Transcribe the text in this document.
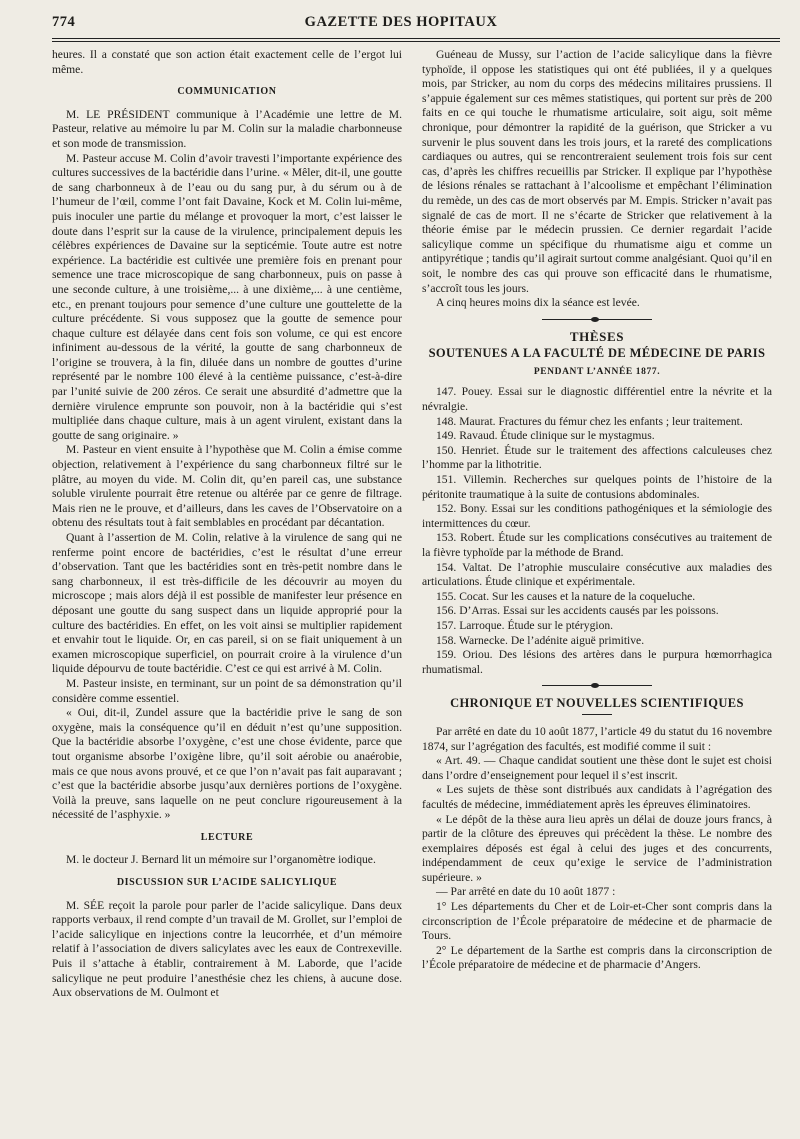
774	GAZETTE DES HOPITAUX

heures. Il a constaté que son action était exactement celle de l’ergot lui même.

COMMUNICATION

M. LE PRÉSIDENT communique à l’Académie une lettre de M. Pasteur, relative au mémoire lu par M. Colin sur la maladie charbonneuse et son mode de transmission.

M. Pasteur accuse M. Colin d’avoir travesti l’importante expérience des cultures successives de la bactéridie dans l’urine. « Mêler, dit-il, une goutte de sang charbonneux à de l’eau ou du sang pur, à du sérum ou à de l’humeur de l’œil, comme l’ont fait Davaine, Kock et M. Colin lui-même, puis inoculer une partie du mélange et provoquer la mort, c’est laisser le doute dans l’esprit sur la cause de la virulence, principalement depuis les célèbres expériences de Davaine sur la septicémie. Toute autre est notre expérience. La bactéridie est cultivée une première fois en prenant pour semence une trace microscopique de sang charbonneux, puis on passe à une seconde culture, à une troisième,... à une dixième,... à une centième, etc., en prenant toujours pour semence d’une culture une gouttelette de la culture précédente. Si vous supposez que la goutte de semence pour chaque culture est délayée dans cent fois son volume, ce qui est encore infiniment au-dessous de la vérité, la goutte de sang charbonneux de l’origine se trouvera, à la fin, diluée dans un nombre de gouttes d’urine représenté par le nombre 100 élevé à la centième puissance, c’est-à-dire par l’unité suivie de 200 zéros. Ce serait une absurdité d’admettre que la dernière virulence emprunte son pouvoir, non à la bactéridie qui s’est multipliée dans chaque culture, mais à un agent virulent, existant dans la goutte de sang originaire. »

M. Pasteur en vient ensuite à l’hypothèse que M. Colin a émise comme objection, relativement à l’expérience du sang charbonneux filtré sur le plâtre, au moyen du vide. M. Colin dit, qu’en pareil cas, une substance soluble virulente pourrait être retenue ou altérée par ce genre de filtrage. Mais rien ne le prouve, et d’ailleurs, dans les caves de l’Observatoire on a obtenu des résultats tout à fait semblables en procédant par décantation.

Quant à l’assertion de M. Colin, relative à la virulence de sang qui ne renferme point encore de bactéridies, c’est le résultat d’une erreur d’observation. Tant que les bactéridies sont en très-petit nombre dans le sang charbonneux, il est très-difficile de les découvrir au moyen du microscope ; mais alors déjà il est possible de manifester leur présence en déposant une goutte du sang suspect dans un liquide approprié pour la culture des bactéridies. En effet, on les voit ainsi se multiplier rapidement et envahir tout le liquide. Or, en cas pareil, si on se fiait uniquement à un examen microscopique superficiel, on pourrait croire à la virulence d’un liquide dépourvu de toute bactéridie. C’est ce qui est arrivé à M. Colin.

M. Pasteur insiste, en terminant, sur un point de sa démonstration qu’il considère comme essentiel.

« Oui, dit-il, Zundel assure que la bactéridie prive le sang de son oxygène, mais la conséquence qu’il en déduit n’est qu’une supposition. Que la bactéridie absorbe l’oxygène, c’est une chose évidente, parce que tout organisme absorbe l’oxigène libre, qu’il soit aérobie ou anaérobie, mais ce que nous avons prouvé, et ce que l’on n’avait pas fait auparavant ; c’est que la bactéridie absorbe jusqu’aux dernières portions de l’oxygène. Voilà la preuve, sans laquelle on ne peut conclure rigoureusement à la nécessité de l’asphyxie. »

LECTURE

M. le docteur J. Bernard lit un mémoire sur l’organomètre iodique.

DISCUSSION SUR L’ACIDE SALICYLIQUE

M. SÉE reçoit la parole pour parler de l’acide salicylique. Dans deux rapports verbaux, il rend compte d’un travail de M. Grollet, sur l’emploi de l’acide salicylique en injections contre la leucorrhée, et d’un mémoire relatif à l’association de divers salicylates avec les eaux de Contrexeville. Puis il s’attache à établir, contrairement à M. Laborde, que l’acide salicylique ne peut produire l’anesthésie chez les chiens, à aucune dose. Aux observations de M. Oulmont et

Guéneau de Mussy, sur l’action de l’acide salicylique dans la fièvre typhoïde, il oppose les statistiques qui ont été publiées, il y a quelques mois, par Stricker, au nom du corps des médecins militaires prussiens. Il s’appuie également sur ces mêmes statistiques, qui portent sur près de 200 faits en ce qui touche le rhumatisme articulaire, soit aigu, soit même chronique, pour démontrer la rapidité de la guérison, que Stricker a vu survenir le plus souvent dans les trois jours, et la rareté des complications cardiaques ou autres, qui se rencontreraient seulement trois fois sur cent cas, d’après les chiffres recueillis par Stricker. Il explique par l’hypothèse de lésions rénales se rattachant à l’alcoolisme et empêchant l’élimination du remède, un des cas de mort observés par M. Empis. Stricker n’avait pas signalé de cas de mort. Il ne s’écarte de Stricker que relativement à la théorie émise par le médecin prussien. Ce dernier regardait l’acide salicylique comme un spécifique du rhumatisme aigu et comme un antipyrétique ; tandis qu’il agirait surtout comme analgésiant. Quoi qu’il en soit, le nombre des cas qui prouve son efficacité dans le rhumatisme, s’accroît tous les jours.

A cinq heures moins dix la séance est levée.

THÈSES
SOUTENUES A LA FACULTÉ DE MÉDECINE DE PARIS
PENDANT L’ANNÉE 1877.

147. Pouey. Essai sur le diagnostic différentiel entre la névrite et la névralgie.

148. Maurat. Fractures du fémur chez les enfants ; leur traitement.

149. Ravaud. Étude clinique sur le mystagmus.

150. Henriet. Étude sur le traitement des affections calculeuses chez l’homme par la lithotritie.

151. Villemin. Recherches sur quelques points de l’histoire de la péritonite traumatique à la suite de contusions abdominales.

152. Bony. Essai sur les conditions pathogéniques et la sémiologie des intermittences du cœur.

153. Robert. Étude sur les complications consécutives au traitement de la fièvre typhoïde par la méthode de Brand.

154. Valtat. De l’atrophie musculaire consécutive aux maladies des articulations. Étude clinique et expérimentale.

155. Cocat. Sur les causes et la nature de la coqueluche.

156. D’Arras. Essai sur les accidents causés par les poissons.

157. Larroque. Étude sur le ptérygion.

158. Warnecke. De l’adénite aiguë primitive.

159. Oriou. Des lésions des artères dans le purpura hœmorrhagica rhumatismal.

CHRONIQUE ET NOUVELLES SCIENTIFIQUES

Par arrêté en date du 10 août 1877, l’article 49 du statut du 16 novembre 1874, sur l’agrégation des facultés, est modifié comme il suit :

« Art. 49. — Chaque candidat soutient une thèse dont le sujet est choisi dans l’ordre d’enseignement pour lequel il s’est inscrit.

« Les sujets de thèse sont distribués aux candidats à l’agrégation des facultés de médecine, immédiatement après les épreuves éliminatoires.

« Le dépôt de la thèse aura lieu après un délai de douze jours francs, à partir de la clôture des épreuves qui précèdent la thèse. Le nombre des exemplaires déposés est égal à celui des juges et des concurrents, indépendamment de ceux qu’exige le service de l’administration supérieure. »

— Par arrêté en date du 10 août 1877 :

1° Les départements du Cher et de Loir-et-Cher sont compris dans la circonscription de l’École préparatoire de médecine et de pharmacie de Tours.

2° Le département de la Sarthe est compris dans la circonscription de l’École préparatoire de médecine et de pharmacie d’Angers.
